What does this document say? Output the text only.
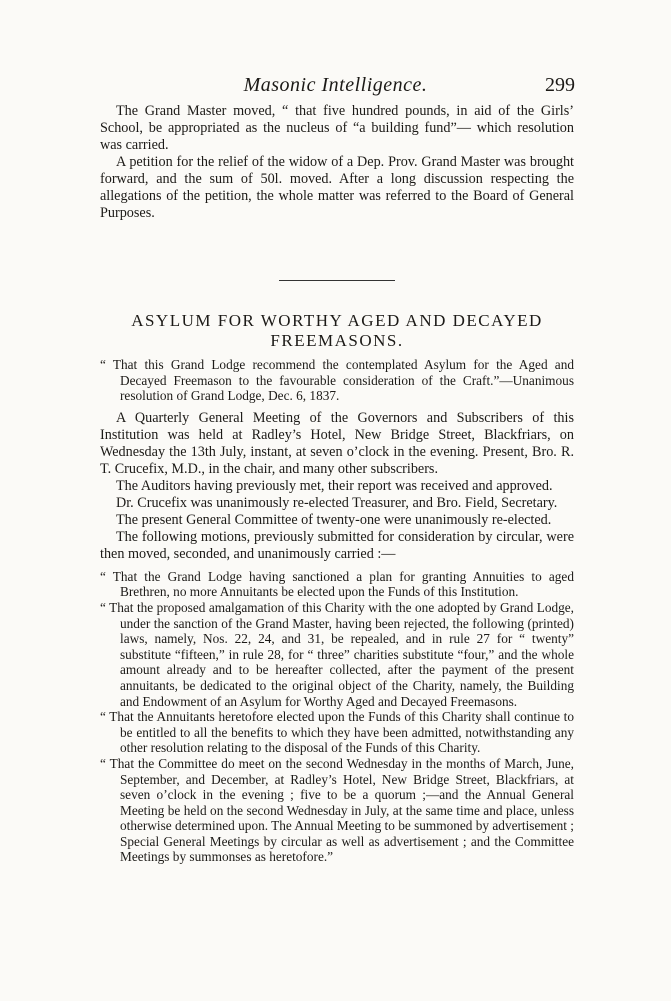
Masonic Intelligence.	299

The Grand Master moved, “ that five hundred pounds, in aid of the Girls’ School, be appropriated as the nucleus of “a building fund”— which resolution was carried.

A petition for the relief of the widow of a Dep. Prov. Grand Master was brought forward, and the sum of 50l. moved. After a long discussion respecting the allegations of the petition, the whole matter was referred to the Board of General Purposes.

ASYLUM FOR WORTHY AGED AND DECAYED
FREEMASONS.

“ That this Grand Lodge recommend the contemplated Asylum for the Aged and Decayed Freemason to the favourable consideration of the Craft.”—Unanimous resolution of Grand Lodge, Dec. 6, 1837.

A Quarterly General Meeting of the Governors and Subscribers of this Institution was held at Radley’s Hotel, New Bridge Street, Blackfriars, on Wednesday the 13th July, instant, at seven o’clock in the evening. Present, Bro. R. T. Crucefix, M.D., in the chair, and many other subscribers.

The Auditors having previously met, their report was received and approved.

Dr. Crucefix was unanimously re-elected Treasurer, and Bro. Field, Secretary.

The present General Committee of twenty-one were unanimously re-elected.

The following motions, previously submitted for consideration by circular, were then moved, seconded, and unanimously carried :—

“ That the Grand Lodge having sanctioned a plan for granting Annuities to aged Brethren, no more Annuitants be elected upon the Funds of this Institution.

“ That the proposed amalgamation of this Charity with the one adopted by Grand Lodge, under the sanction of the Grand Master, having been rejected, the following (printed) laws, namely, Nos. 22, 24, and 31, be repealed, and in rule 27 for “ twenty” substitute “fifteen,” in rule 28, for “ three” charities substitute “four,” and the whole amount already and to be hereafter collected, after the payment of the present annuitants, be dedicated to the original object of the Charity, namely, the Building and Endowment of an Asylum for Worthy Aged and Decayed Freemasons.

“ That the Annuitants heretofore elected upon the Funds of this Charity shall continue to be entitled to all the benefits to which they have been admitted, notwithstanding any other resolution relating to the disposal of the Funds of this Charity.

“ That the Committee do meet on the second Wednesday in the months of March, June, September, and December, at Radley’s Hotel, New Bridge Street, Blackfriars, at seven o’clock in the evening ; five to be a quorum ;—and the Annual General Meeting be held on the second Wednesday in July, at the same time and place, unless otherwise determined upon. The Annual Meeting to be summoned by advertisement ; Special General Meetings by circular as well as advertisement ; and the Committee Meetings by summonses as heretofore.”
